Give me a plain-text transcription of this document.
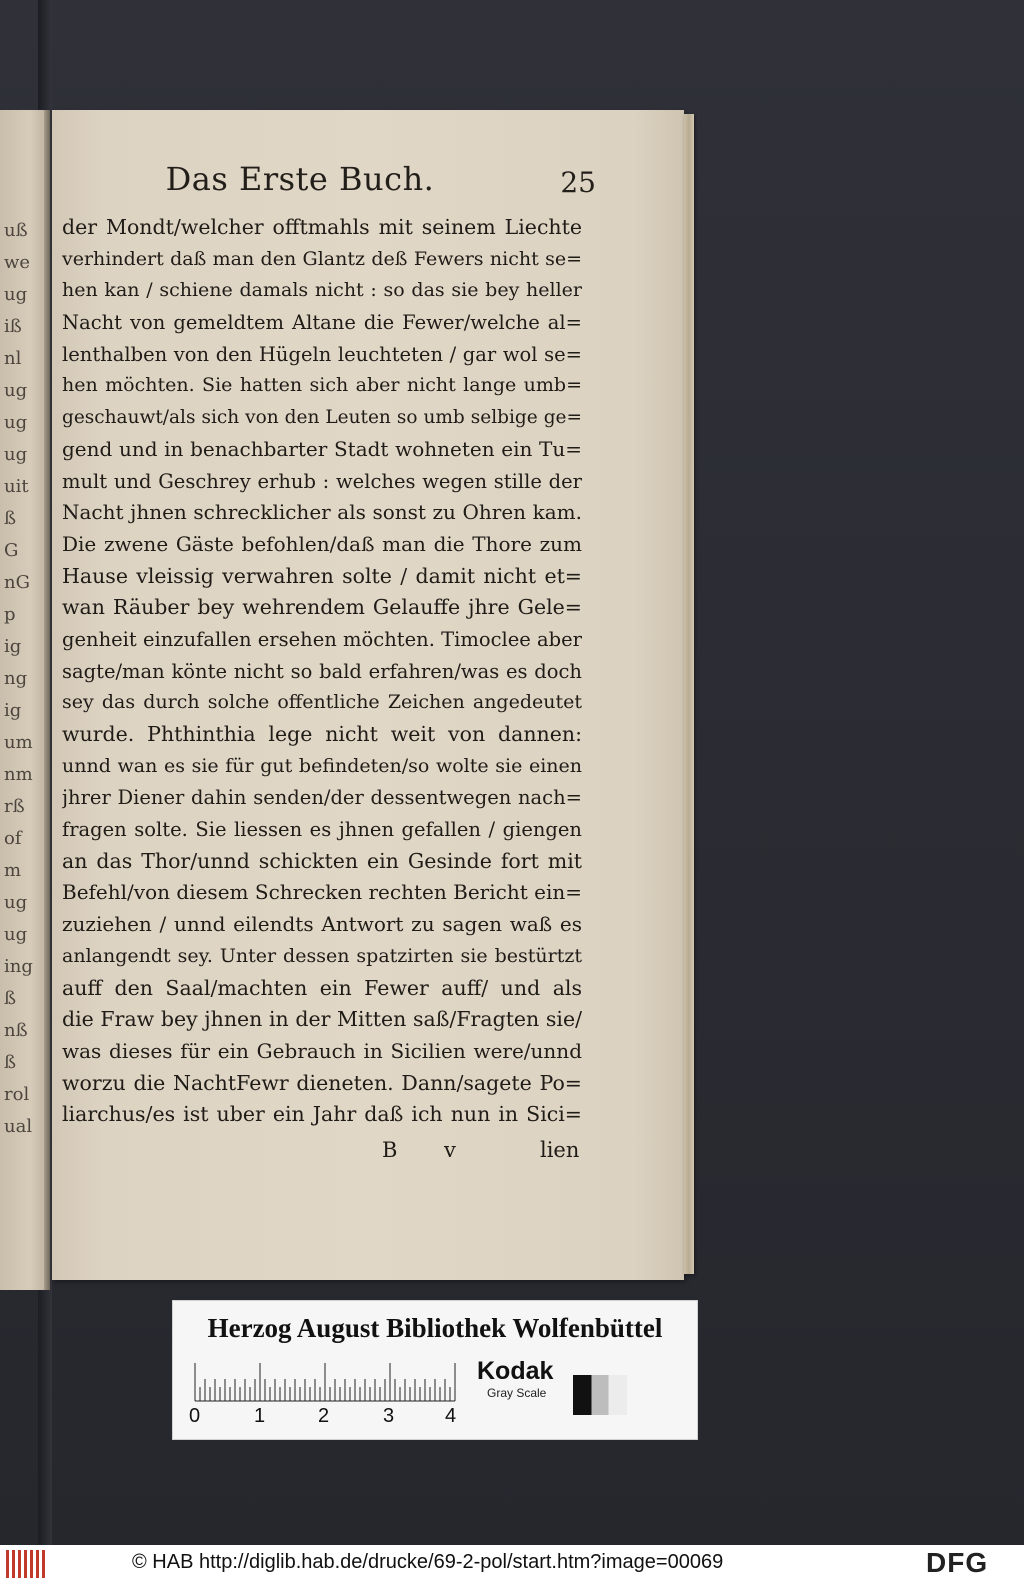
uß
we
ug
iß
nl
ug
ug
ug
uit
ß
G
nG
p
ig
ng
ig
um
nm
rß
of
m
ug
ug
ing
ß
nß
ß
rol
ual
Das Erste Buch.	25
der Mondt/welcher offtmahls mit seinem Liechte
verhindert daß man den Glantz deß Fewers nicht se=
hen kan / schiene damals nicht : so das sie bey heller
Nacht von gemeldtem Altane die Fewer/welche al=
lenthalben von den Hügeln leuchteten / gar wol se=
hen möchten. Sie hatten sich aber nicht lange umb=
geschauwt/als sich von den Leuten so umb selbige ge=
gend und in benachbarter Stadt wohneten ein Tu=
mult und Geschrey erhub : welches wegen stille der
Nacht jhnen schrecklicher als sonst zu Ohren kam.
Die zwene Gäste befohlen/daß man die Thore zum
Hause vleissig verwahren solte / damit nicht et=
wan Räuber bey wehrendem Gelauffe jhre Gele=
genheit einzufallen ersehen möchten. Timoclee aber
sagte/man könte nicht so bald erfahren/was es doch
sey das durch solche offentliche Zeichen angedeutet
wurde. Phthinthia lege nicht weit von dannen:
unnd wan es sie für gut befindeten/so wolte sie einen
jhrer Diener dahin senden/der dessentwegen nach=
fragen solte. Sie liessen es jhnen gefallen / giengen
an das Thor/unnd schickten ein Gesinde fort mit
Befehl/von diesem Schrecken rechten Bericht ein=
zuziehen / unnd eilendts Antwort zu sagen waß es
anlangendt sey. Unter dessen spatzirten sie bestürtzt
auff den Saal/machten ein Fewer auff/ und als
die Fraw bey jhnen in der Mitten saß/Fragten sie/
was dieses für ein Gebrauch in Sicilien were/unnd
worzu die NachtFewr dieneten. Dann/sagete Po=
liarchus/es ist uber ein Jahr daß ich nun in Sici=
B v	lien
Herzog August Bibliothek Wolfenbüttel
0	1	2	3	4
Kodak
Gray Scale
© HAB http://diglib.hab.de/drucke/69-2-pol/start.htm?image=00069	DFG
